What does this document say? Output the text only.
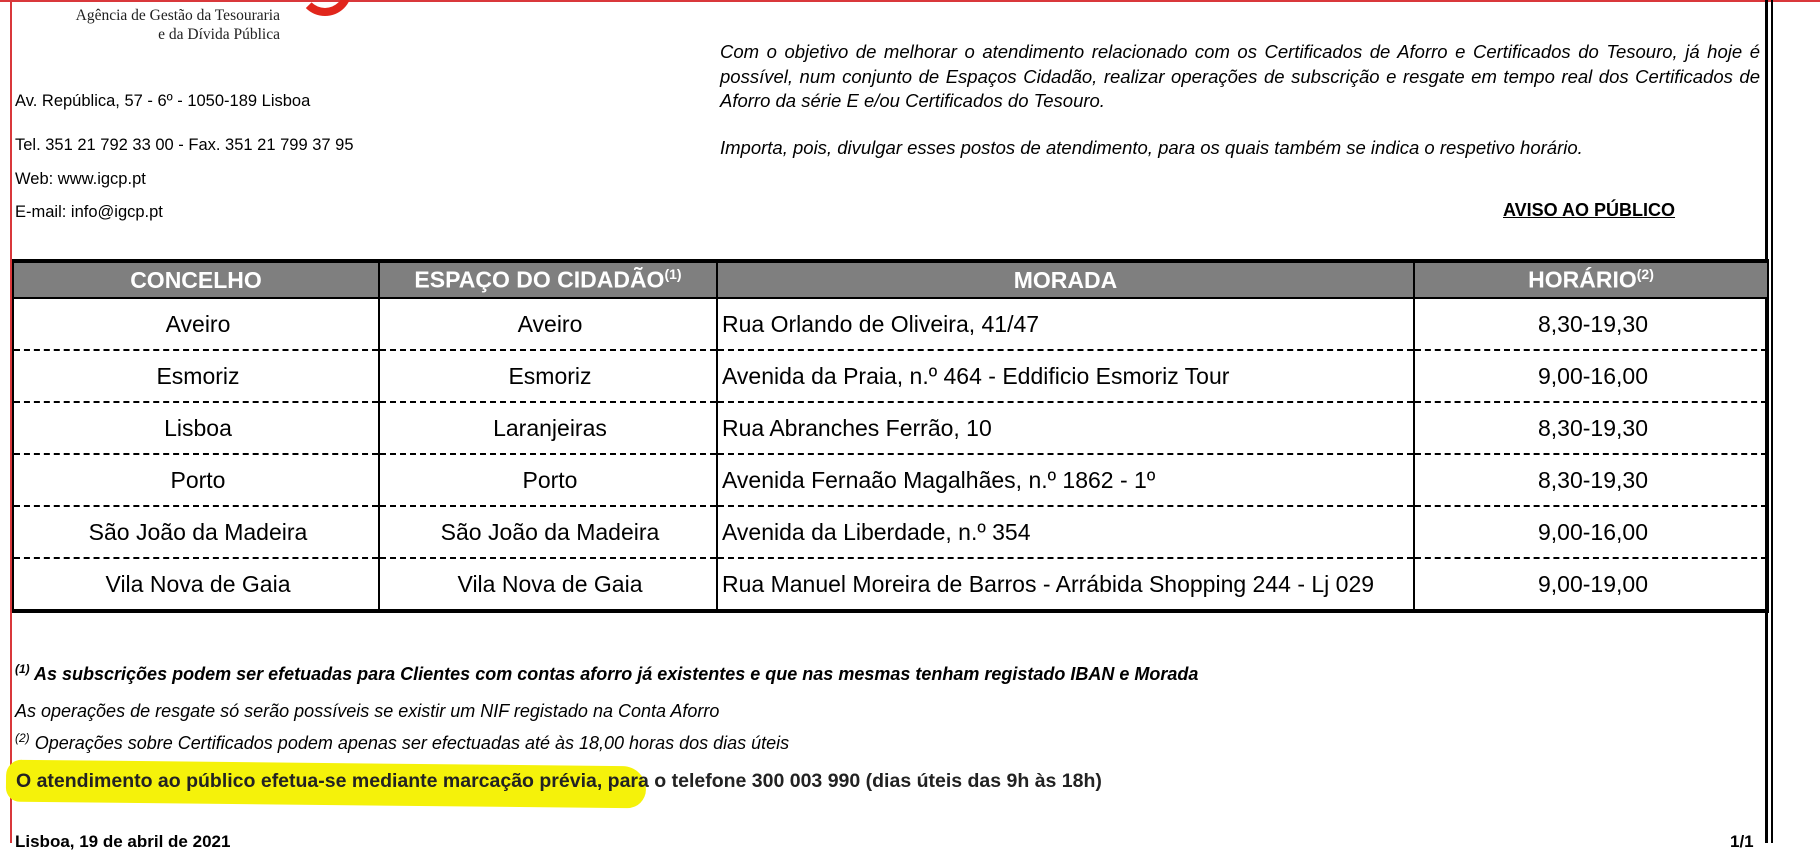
Agência de Gestão da Tesouraria
e da Dívida Pública
Av. República, 57 - 6º - 1050-189 Lisboa
Tel. 351 21 792 33 00 - Fax. 351 21 799 37 95
Web: www.igcp.pt
E-mail: info@igcp.pt
Com o objetivo de melhorar o atendimento relacionado com os Certificados de Aforro e Certificados do Tesouro, já hoje é possível, num conjunto de Espaços Cidadão, realizar operações de subscrição e resgate em tempo real dos Certificados de Aforro da série E e/ou Certificados do Tesouro.
Importa, pois, divulgar esses postos de atendimento, para os quais também se indica o respetivo horário.
AVISO AO PÚBLICO
CONCELHO	ESPAÇO DO CIDADÃO$^{(1)}$	MORADA	HORÁRIO$^{(2)}$
Aveiro	Aveiro	Rua Orlando de Oliveira, 41/47	8,30-19,30
Esmoriz	Esmoriz	Avenida da Praia, n.º 464 - Eddificio Esmoriz Tour	9,00-16,00
Lisboa	Laranjeiras	Rua Abranches Ferrão, 10	8,30-19,30
Porto	Porto	Avenida Fernaão Magalhães, n.º 1862 - 1º	8,30-19,30
São João da Madeira	São João da Madeira	Avenida da Liberdade, n.º 354	9,00-16,00
Vila Nova de Gaia	Vila Nova de Gaia	Rua Manuel Moreira de Barros - Arrábida Shopping 244 - Lj 029	9,00-19,00
$^{(1)}$ As subscrições podem ser efetuadas para Clientes com contas aforro já existentes e que nas mesmas tenham registado IBAN e Morada
As operações de resgate só serão possíveis se existir um NIF registado na Conta Aforro
$^{(2)}$ Operações sobre Certificados podem apenas ser efectuadas até às 18,00 horas dos dias úteis
O atendimento ao público efetua-se mediante marcação prévia, para o telefone 300 003 990 (dias úteis das 9h às 18h)
Lisboa, 19 de abril de 2021	1/1
